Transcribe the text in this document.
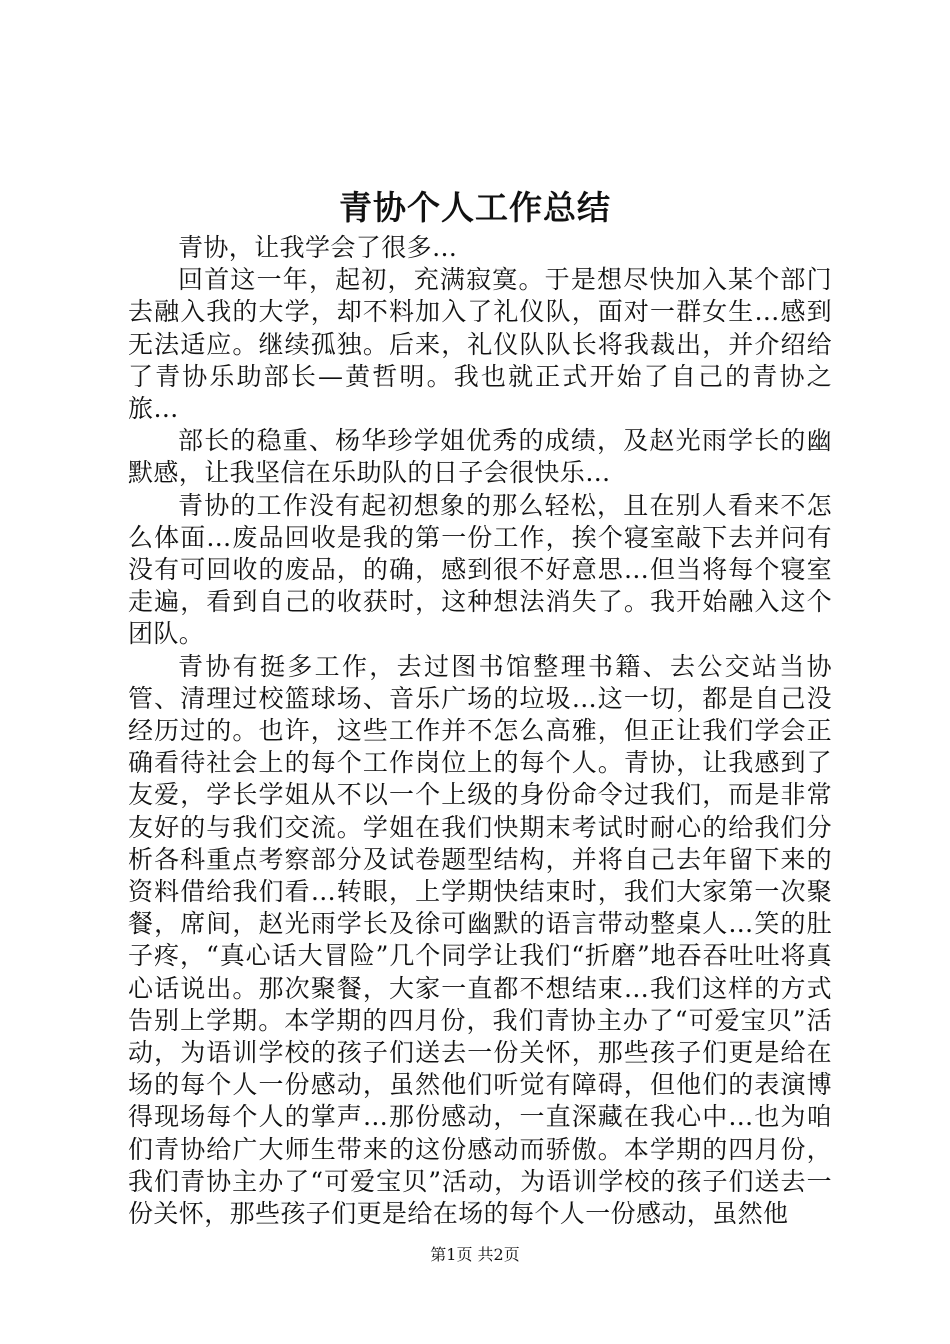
青协个人工作总结

青协，让我学会了很多…

回首这一年，起初，充满寂寞。于是想尽快加入某个部门去融入我的大学，却不料加入了礼仪队，面对一群女生…感到无法适应。继续孤独。后来，礼仪队队长将我裁出，并介绍给了青协乐助部长—黄哲明。我也就正式开始了自己的青协之旅…

部长的稳重、杨华珍学姐优秀的成绩，及赵光雨学长的幽默感，让我坚信在乐助队的日子会很快乐…

青协的工作没有起初想象的那么轻松，且在别人看来不怎么体面…废品回收是我的第一份工作，挨个寝室敲下去并问有没有可回收的废品，的确，感到很不好意思…但当将每个寝室走遍，看到自己的收获时，这种想法消失了。我开始融入这个团队。

青协有挺多工作，去过图书馆整理书籍、去公交站当协管、清理过校篮球场、音乐广场的垃圾…这一切，都是自己没经历过的。也许，这些工作并不怎么高雅，但正让我们学会正确看待社会上的每个工作岗位上的每个人。青协，让我感到了友爱，学长学姐从不以一个上级的身份命令过我们，而是非常友好的与我们交流。学姐在我们快期末考试时耐心的给我们分析各科重点考察部分及试卷题型结构，并将自己去年留下来的资料借给我们看…转眼，上学期快结束时，我们大家第一次聚餐，席间，赵光雨学长及徐可幽默的语言带动整桌人…笑的肚子疼，“真心话大冒险”几个同学让我们“折磨”地吞吞吐吐将真心话说出。那次聚餐，大家一直都不想结束…我们这样的方式告别上学期。本学期的四月份，我们青协主办了“可爱宝贝”活动，为语训学校的孩子们送去一份关怀，那些孩子们更是给在场的每个人一份感动，虽然他们听觉有障碍，但他们的表演博得现场每个人的掌声…那份感动，一直深藏在我心中…也为咱们青协给广大师生带来的这份感动而骄傲。本学期的四月份，我们青协主办了“可爱宝贝”活动，为语训学校的孩子们送去一份关怀，那些孩子们更是给在场的每个人一份感动，虽然他

第1页 共2页
